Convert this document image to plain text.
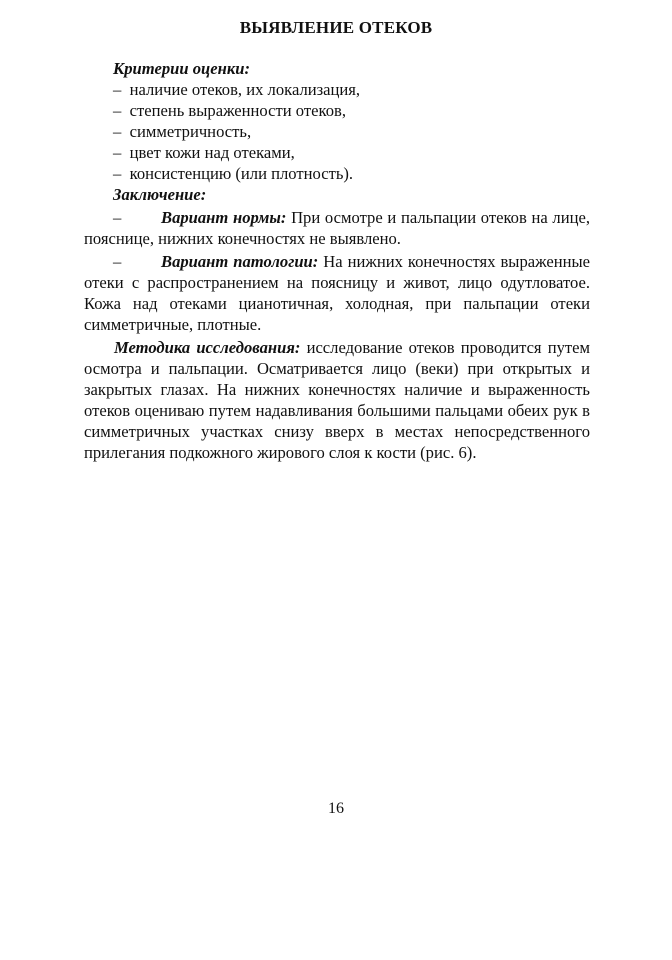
ВЫЯВЛЕНИЕ ОТЕКОВ
Критерии оценки:
– наличие отеков, их локализация,
– степень выраженности отеков,
– симметричность,
– цвет кожи над отеками,
– консистенцию (или плотность).
Заключение:

– Вариант нормы: При осмотре и пальпации отеков на лице, пояснице, нижних конечностях не выявлено.

– Вариант патологии: На нижних конечностях выраженные отеки с распространением на поясницу и живот, лицо одутловатое. Кожа над отеками цианотичная, холодная, при пальпации отеки симметричные, плотные.

Методика исследования: исследование отеков проводится путем осмотра и пальпации. Осматривается лицо (веки) при открытых и закрытых глазах. На нижних конечностях наличие и выраженность отеков оцениваю путем надавливания большими пальцами обеих рук в симметричных участках снизу вверх в местах непосредственного прилегания подкожного жирового слоя к кости (рис. 6).

16
